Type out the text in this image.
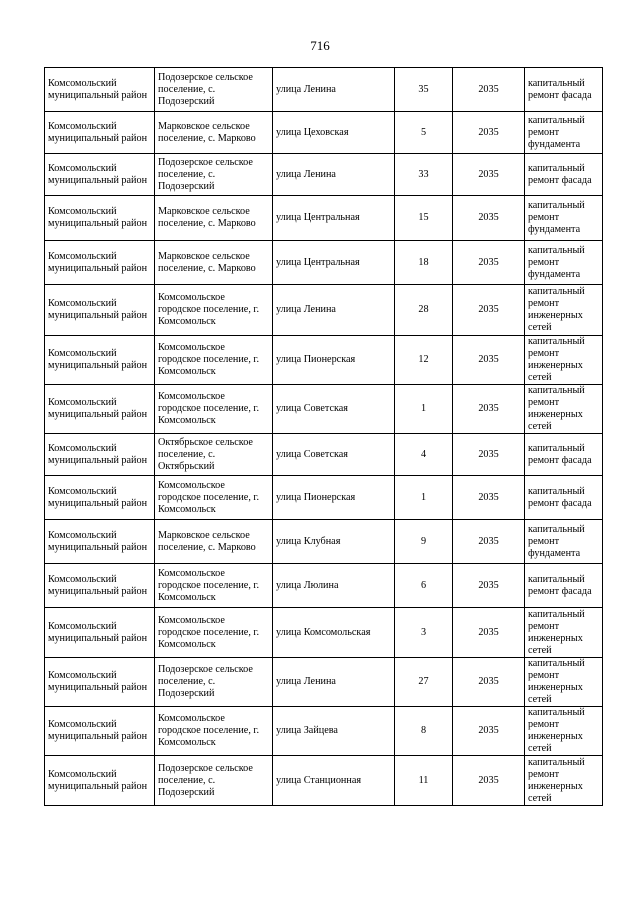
716
Комсомольский муниципальный район	Подозерское сельское поселение, с. Подозерский	улица Ленина	35	2035	капитальный ремонт фасада
Комсомольский муниципальный район	Марковское сельское поселение, с. Марково	улица Цеховская	5	2035	капитальный ремонт фундамента
Комсомольский муниципальный район	Подозерское сельское поселение, с. Подозерский	улица Ленина	33	2035	капитальный ремонт фасада
Комсомольский муниципальный район	Марковское сельское поселение, с. Марково	улица Центральная	15	2035	капитальный ремонт фундамента
Комсомольский муниципальный район	Марковское сельское поселение, с. Марково	улица Центральная	18	2035	капитальный ремонт фундамента
Комсомольский муниципальный район	Комсомольское городское поселение, г. Комсомольск	улица Ленина	28	2035	капитальный ремонт инженерных сетей
Комсомольский муниципальный район	Комсомольское городское поселение, г. Комсомольск	улица Пионерская	12	2035	капитальный ремонт инженерных сетей
Комсомольский муниципальный район	Комсомольское городское поселение, г. Комсомольск	улица Советская	1	2035	капитальный ремонт инженерных сетей
Комсомольский муниципальный район	Октябрьское сельское поселение, с. Октябрьский	улица Советская	4	2035	капитальный ремонт фасада
Комсомольский муниципальный район	Комсомольское городское поселение, г. Комсомольск	улица Пионерская	1	2035	капитальный ремонт фасада
Комсомольский муниципальный район	Марковское сельское поселение, с. Марково	улица Клубная	9	2035	капитальный ремонт фундамента
Комсомольский муниципальный район	Комсомольское городское поселение, г. Комсомольск	улица Люлина	6	2035	капитальный ремонт фасада
Комсомольский муниципальный район	Комсомольское городское поселение, г. Комсомольск	улица Комсомольская	3	2035	капитальный ремонт инженерных сетей
Комсомольский муниципальный район	Подозерское сельское поселение, с. Подозерский	улица Ленина	27	2035	капитальный ремонт инженерных сетей
Комсомольский муниципальный район	Комсомольское городское поселение, г. Комсомольск	улица Зайцева	8	2035	капитальный ремонт инженерных сетей
Комсомольский муниципальный район	Подозерское сельское поселение, с. Подозерский	улица Станционная	11	2035	капитальный ремонт инженерных сетей
